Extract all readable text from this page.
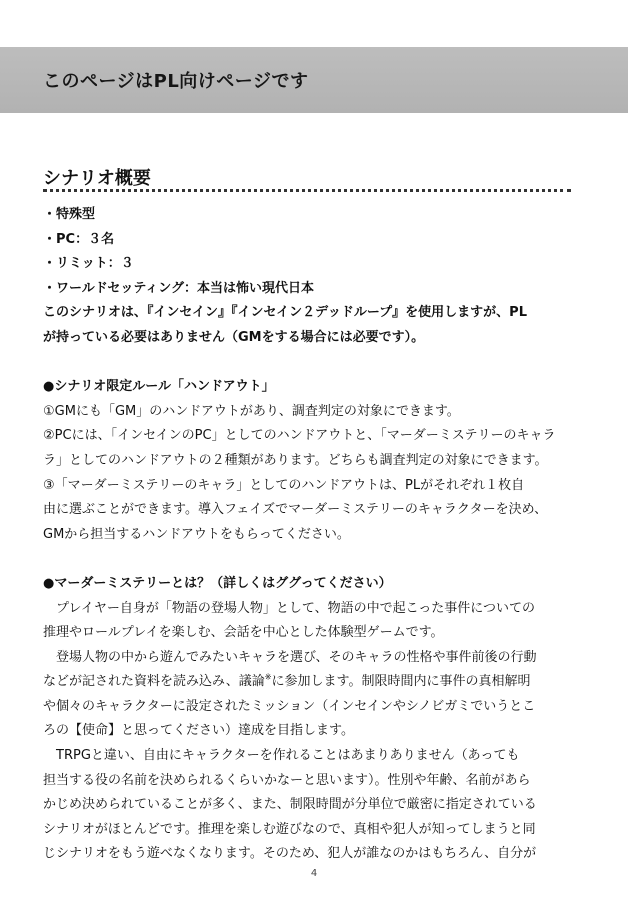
このページはPL向けページです
シナリオ概要
・特殊型
・PC：３名
・リミット：３
・ワールドセッティング：本当は怖い現代日本
このシナリオは、『インセイン』『インセイン２デッドループ』を使用しますが、PL
が持っている必要はありません（GMをする場合には必要です）。
●シナリオ限定ルール「ハンドアウト」
①GMにも「GM」のハンドアウトがあり、調査判定の対象にできます。
②PCには、「インセインのPC」としてのハンドアウトと、「マーダーミステリーのキャラ
ラ」としてのハンドアウトの２種類があります。どちらも調査判定の対象にできます。
③「マーダーミステリーのキャラ」としてのハンドアウトは、PLがそれぞれ１枚自
由に選ぶことができます。導入フェイズでマーダーミステリーのキャラクターを決め、
GMから担当するハンドアウトをもらってください。
●マーダーミステリーとは？（詳しくはググってください）
プレイヤー自身が「物語の登場人物」として、物語の中で起こった事件についての
推理やロールプレイを楽しむ、会話を中心とした体験型ゲームです。
登場人物の中から遊んでみたいキャラを選び、そのキャラの性格や事件前後の行動
などが記された資料を読み込み、議論※に参加します。制限時間内に事件の真相解明
や個々のキャラクターに設定されたミッション（インセインやシノビガミでいうとこ
ろの【使命】と思ってください）達成を目指します。
TRPGと違い、自由にキャラクターを作れることはあまりありません（あっても
担当する役の名前を決められるくらいかなーと思います）。性別や年齢、名前があら
かじめ決められていることが多く、また、制限時間が分単位で厳密に指定されている
シナリオがほとんどです。推理を楽しむ遊びなので、真相や犯人が知ってしまうと同
じシナリオをもう遊べなくなります。そのため、犯人が誰なのかはもちろん、自分が
4
